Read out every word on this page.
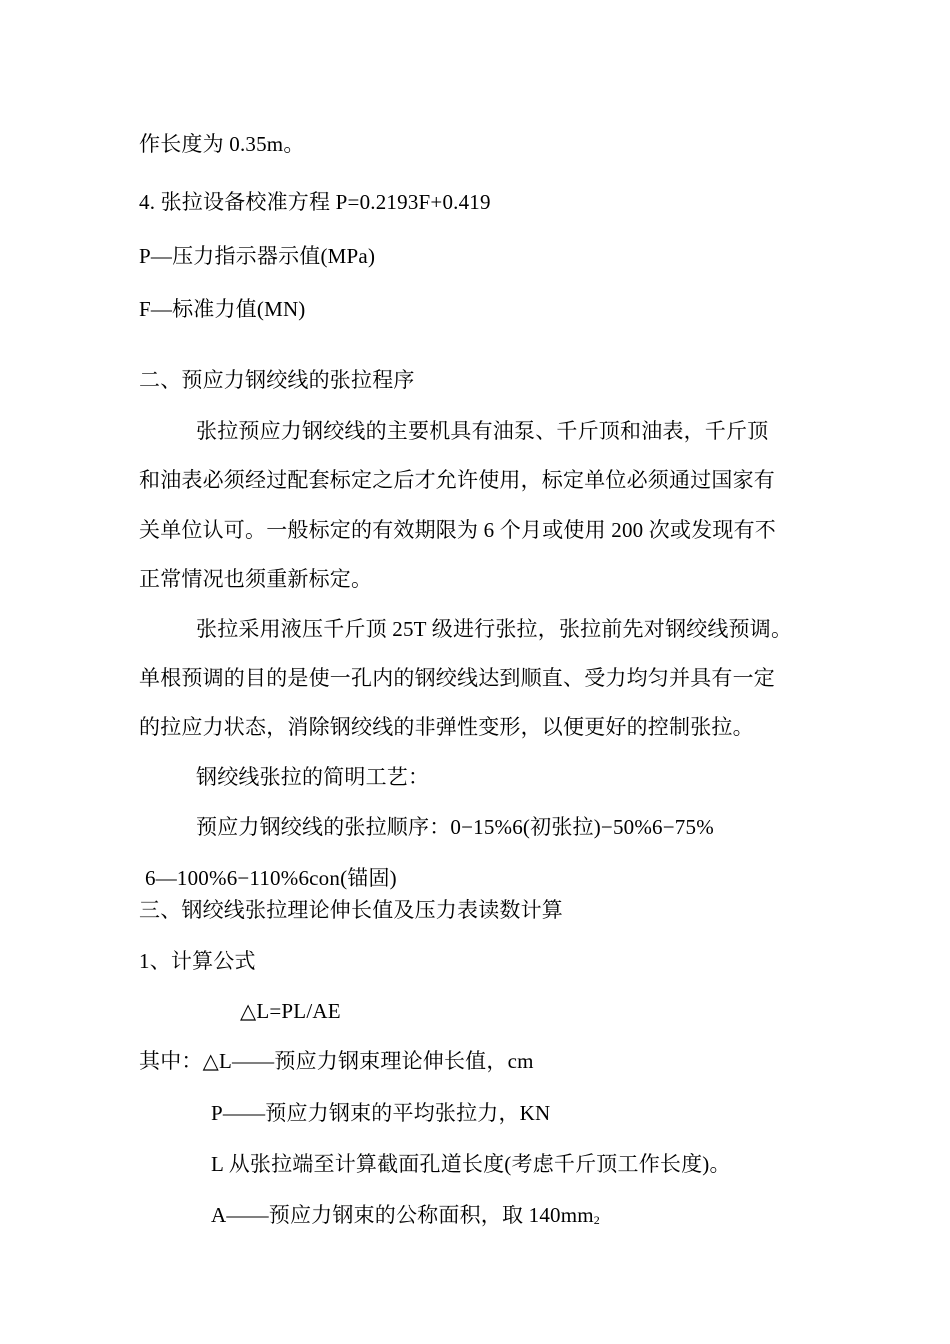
作长度为 0.35m。
4. 张拉设备校准方程 P=0.2193F+0.419
P—压力指示器示值(MPa)
F—标准力值(MN)
二、预应力钢绞线的张拉程序
张拉预应力钢绞线的主要机具有油泵、千斤顶和油表，千斤顶
和油表必须经过配套标定之后才允许使用，标定单位必须通过国家有
关单位认可。一般标定的有效期限为 6 个月或使用 200 次或发现有不
正常情况也须重新标定。
张拉采用液压千斤顶 25T 级进行张拉，张拉前先对钢绞线预调。
单根预调的目的是使一孔内的钢绞线达到顺直、受力均匀并具有一定
的拉应力状态，消除钢绞线的非弹性变形，以便更好的控制张拉。
钢绞线张拉的简明工艺：
预应力钢绞线的张拉顺序：0−15%6(初张拉)−50%6−75%
6—100%6−110%6con(锚固)
三、钢绞线张拉理论伸长值及压力表读数计算
1、计算公式
△L=PL/AE
其中：△L——预应力钢束理论伸长值，cm
P——预应力钢束的平均张拉力，KN
L 从张拉端至计算截面孔道长度(考虑千斤顶工作长度)。
A——预应力钢束的公称面积，取 140mm2
